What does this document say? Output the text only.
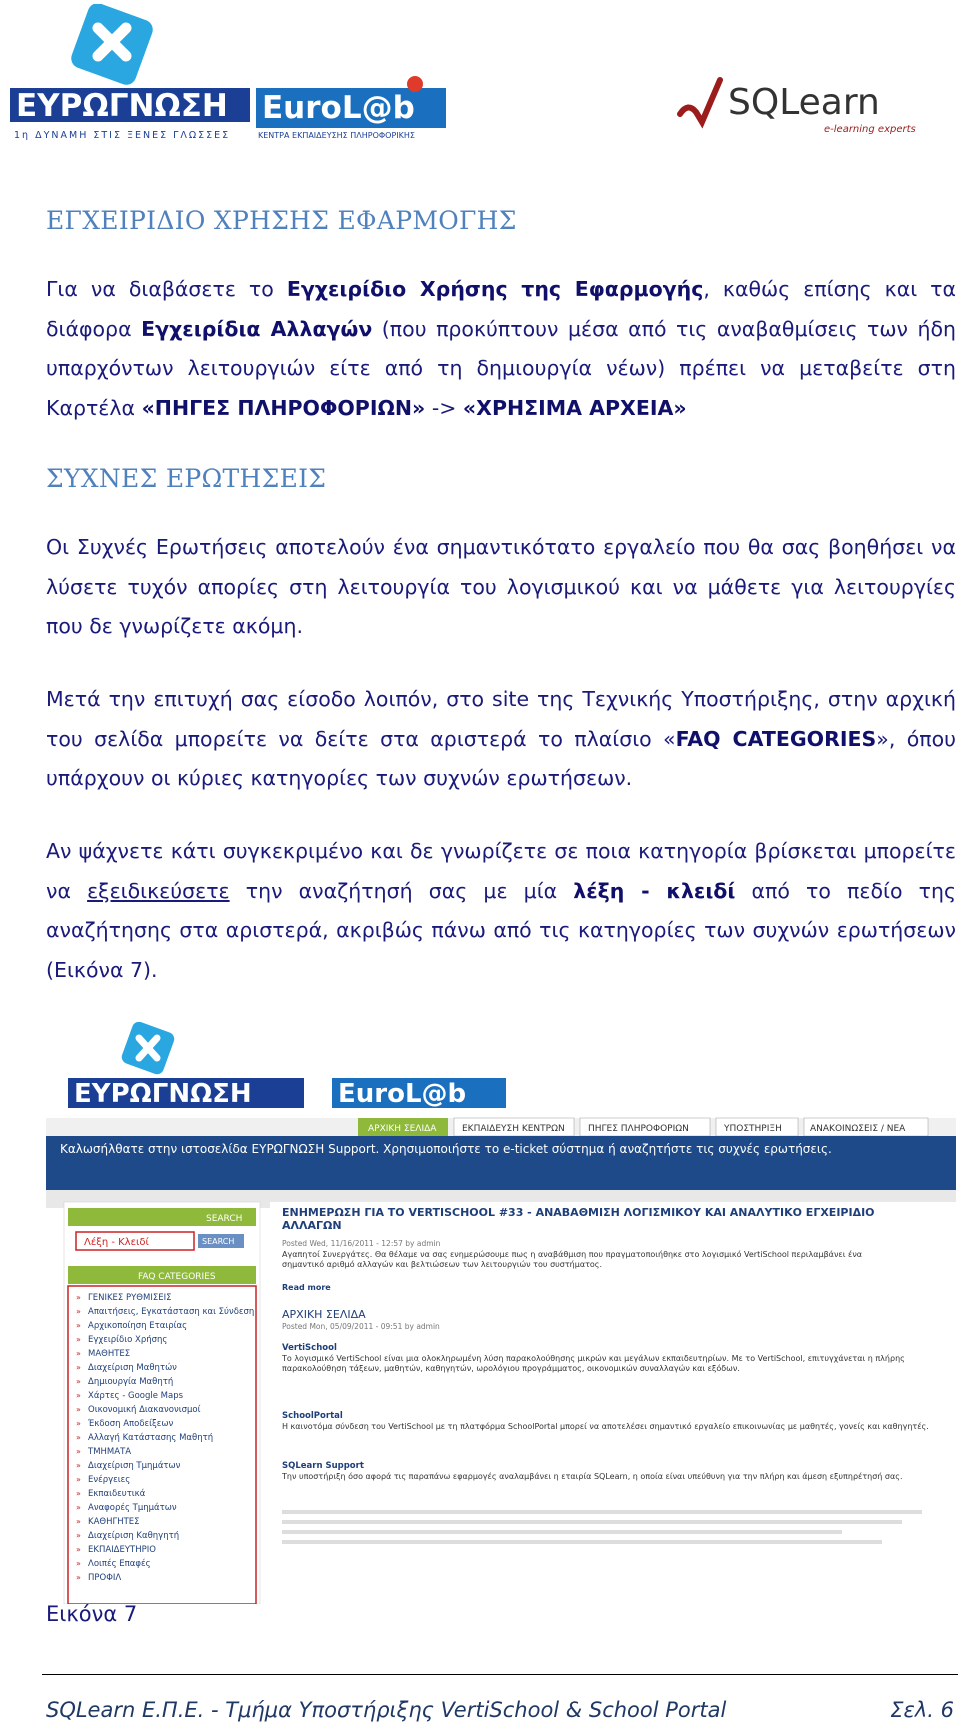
ΕΥΡΩΓΝΩΣΗ
1η ΔΥΝΑΜΗ ΣΤΙΣ ΞΕΝΕΣ ΓΛΩΣΣΕΣ
EuroL@b
ΚΕΝΤΡΑ ΕΚΠΑΙΔΕΥΣΗΣ ΠΛΗΡΟΦΟΡΙΚΗΣ
SQLearn
e-learning experts
ΕΓΧΕΙΡΙΔΙΟ ΧΡΗΣΗΣ ΕΦΑΡΜΟΓΗΣ

Για να διαβάσετε το Εγχειρίδιο Χρήσης της Εφαρμογής, καθώς επίσης και τα διάφορα Εγχειρίδια Αλλαγών (που προκύπτουν μέσα από τις αναβαθμίσεις των ήδη υπαρχόντων λειτουργιών είτε από τη δημιουργία νέων) πρέπει να μεταβείτε στη Καρτέλα «ΠΗΓΕΣ ΠΛΗΡΟΦΟΡΙΩΝ» -> «ΧΡΗΣΙΜΑ ΑΡΧΕΙΑ»

ΣΥΧΝΕΣ ΕΡΩΤΗΣΕΙΣ

Οι Συχνές Ερωτήσεις αποτελούν ένα σημαντικότατο εργαλείο που θα σας βοηθήσει να λύσετε τυχόν απορίες στη λειτουργία του λογισμικού και να μάθετε για λειτουργίες που δε γνωρίζετε ακόμη.

Μετά την επιτυχή σας είσοδο λοιπόν, στο site της Τεχνικής Υποστήριξης, στην αρχική του σελίδα μπορείτε να δείτε στα αριστερά το πλαίσιο «FAQ CATEGORIES», όπου υπάρχουν οι κύριες κατηγορίες των συχνών ερωτήσεων.

Αν ψάχνετε κάτι συγκεκριμένο και δε γνωρίζετε σε ποια κατηγορία βρίσκεται μπορείτε να εξειδικεύσετε την αναζήτησή σας με μία λέξη - κλειδί από το πεδίο της αναζήτησης στα αριστερά, ακριβώς πάνω από τις κατηγορίες των συχνών ερωτήσεων (Εικόνα 7).

ΕΥΡΩΓΝΩΣΗ	EuroL@b
ΑΡΧΙΚΗ ΣΕΛΙΔΑ	ΕΚΠΑΙΔΕΥΣΗ ΚΕΝΤΡΩΝ	ΠΗΓΕΣ ΠΛΗΡΟΦΟΡΙΩΝ	ΥΠΟΣΤΗΡΙΞΗ	ΑΝΑΚΟΙΝΩΣΕΙΣ / ΝΕΑ
Καλωσήλθατε στην ιστοσελίδα ΕΥΡΩΓΝΩΣΗ Support. Χρησιμοποιήστε το e-ticket σύστημα ή αναζητήστε τις συχνές ερωτήσεις.
SEARCH
Λέξη - Κλειδί	SEARCH
FAQ CATEGORIES
» ΓΕΝΙΚΕΣ ΡΥΘΜΙΣΕΙΣ
» Απαιτήσεις, Εγκατάσταση και Σύνδεση
» Αρχικοποίηση Εταιρίας
» Εγχειρίδιο Χρήσης
» ΜΑΘΗΤΕΣ
» Διαχείριση Μαθητών
» Δημιουργία Μαθητή
» Χάρτες - Google Maps
» Οικονομική Διακανονισμοί
» Έκδοση Αποδείξεων
» Αλλαγή Κατάστασης Μαθητή
» ΤΜΗΜΑΤΑ
» Διαχείριση Τμημάτων
» Ενέργειες
» Εκπαιδευτικά
» Αναφορές Τμημάτων
» ΚΑΘΗΓΗΤΕΣ
» Διαχείριση Καθηγητή
» ΕΚΠΑΙΔΕΥΤΗΡΙΟ
» Λοιπές Επαφές
» ΠΡΟΦΙΛ
ΕΝΗΜΕΡΩΣΗ ΓΙΑ ΤΟ VERTISCHOOL #33 - ΑΝΑΒΑΘΜΙΣΗ ΛΟΓΙΣΜΙΚΟΥ ΚΑΙ ΑΝΑΛΥΤΙΚΟ ΕΓΧΕΙΡΙΔΙΟ ΑΛΛΑΓΩΝ
Posted Wed, 11/16/2011 - 12:57 by admin
Αγαπητοί Συνεργάτες. Θα θέλαμε να σας ενημερώσουμε πως η αναβάθμιση που πραγματοποιήθηκε στο λογισμικό VertiSchool περιλαμβάνει ένα σημαντικό αριθμό αλλαγών και βελτιώσεων των λειτουργιών του συστήματος.
Read more
ΑΡΧΙΚΗ ΣΕΛΙΔΑ
Posted Mon, 05/09/2011 - 09:51 by admin
VertiSchool
Το λογισμικό VertiSchool είναι μια ολοκληρωμένη λύση παρακολούθησης μικρών και μεγάλων εκπαιδευτηρίων. Με το VertiSchool, επιτυγχάνεται η πλήρης παρακολούθηση τάξεων, μαθητών, καθηγητών, ωρολόγιου προγράμματος, οικονομικών συναλλαγών και εξόδων.
SchoolPortal
Η καινοτόμα σύνδεση του VertiSchool με τη πλατφόρμα SchoolPortal μπορεί να αποτελέσει σημαντικό εργαλείο επικοινωνίας με μαθητές, γονείς και καθηγητές.
SQLearn Support
Την υποστήριξη όσο αφορά τις παραπάνω εφαρμογές αναλαμβάνει η εταιρία SQLearn, η οποία είναι υπεύθυνη για την πλήρη και άμεση εξυπηρέτησή σας.
Εικόνα 7
SQLearn Ε.Π.Ε. - Τμήμα Υποστήριξης VertiSchool & School Portal	Σελ. 6
